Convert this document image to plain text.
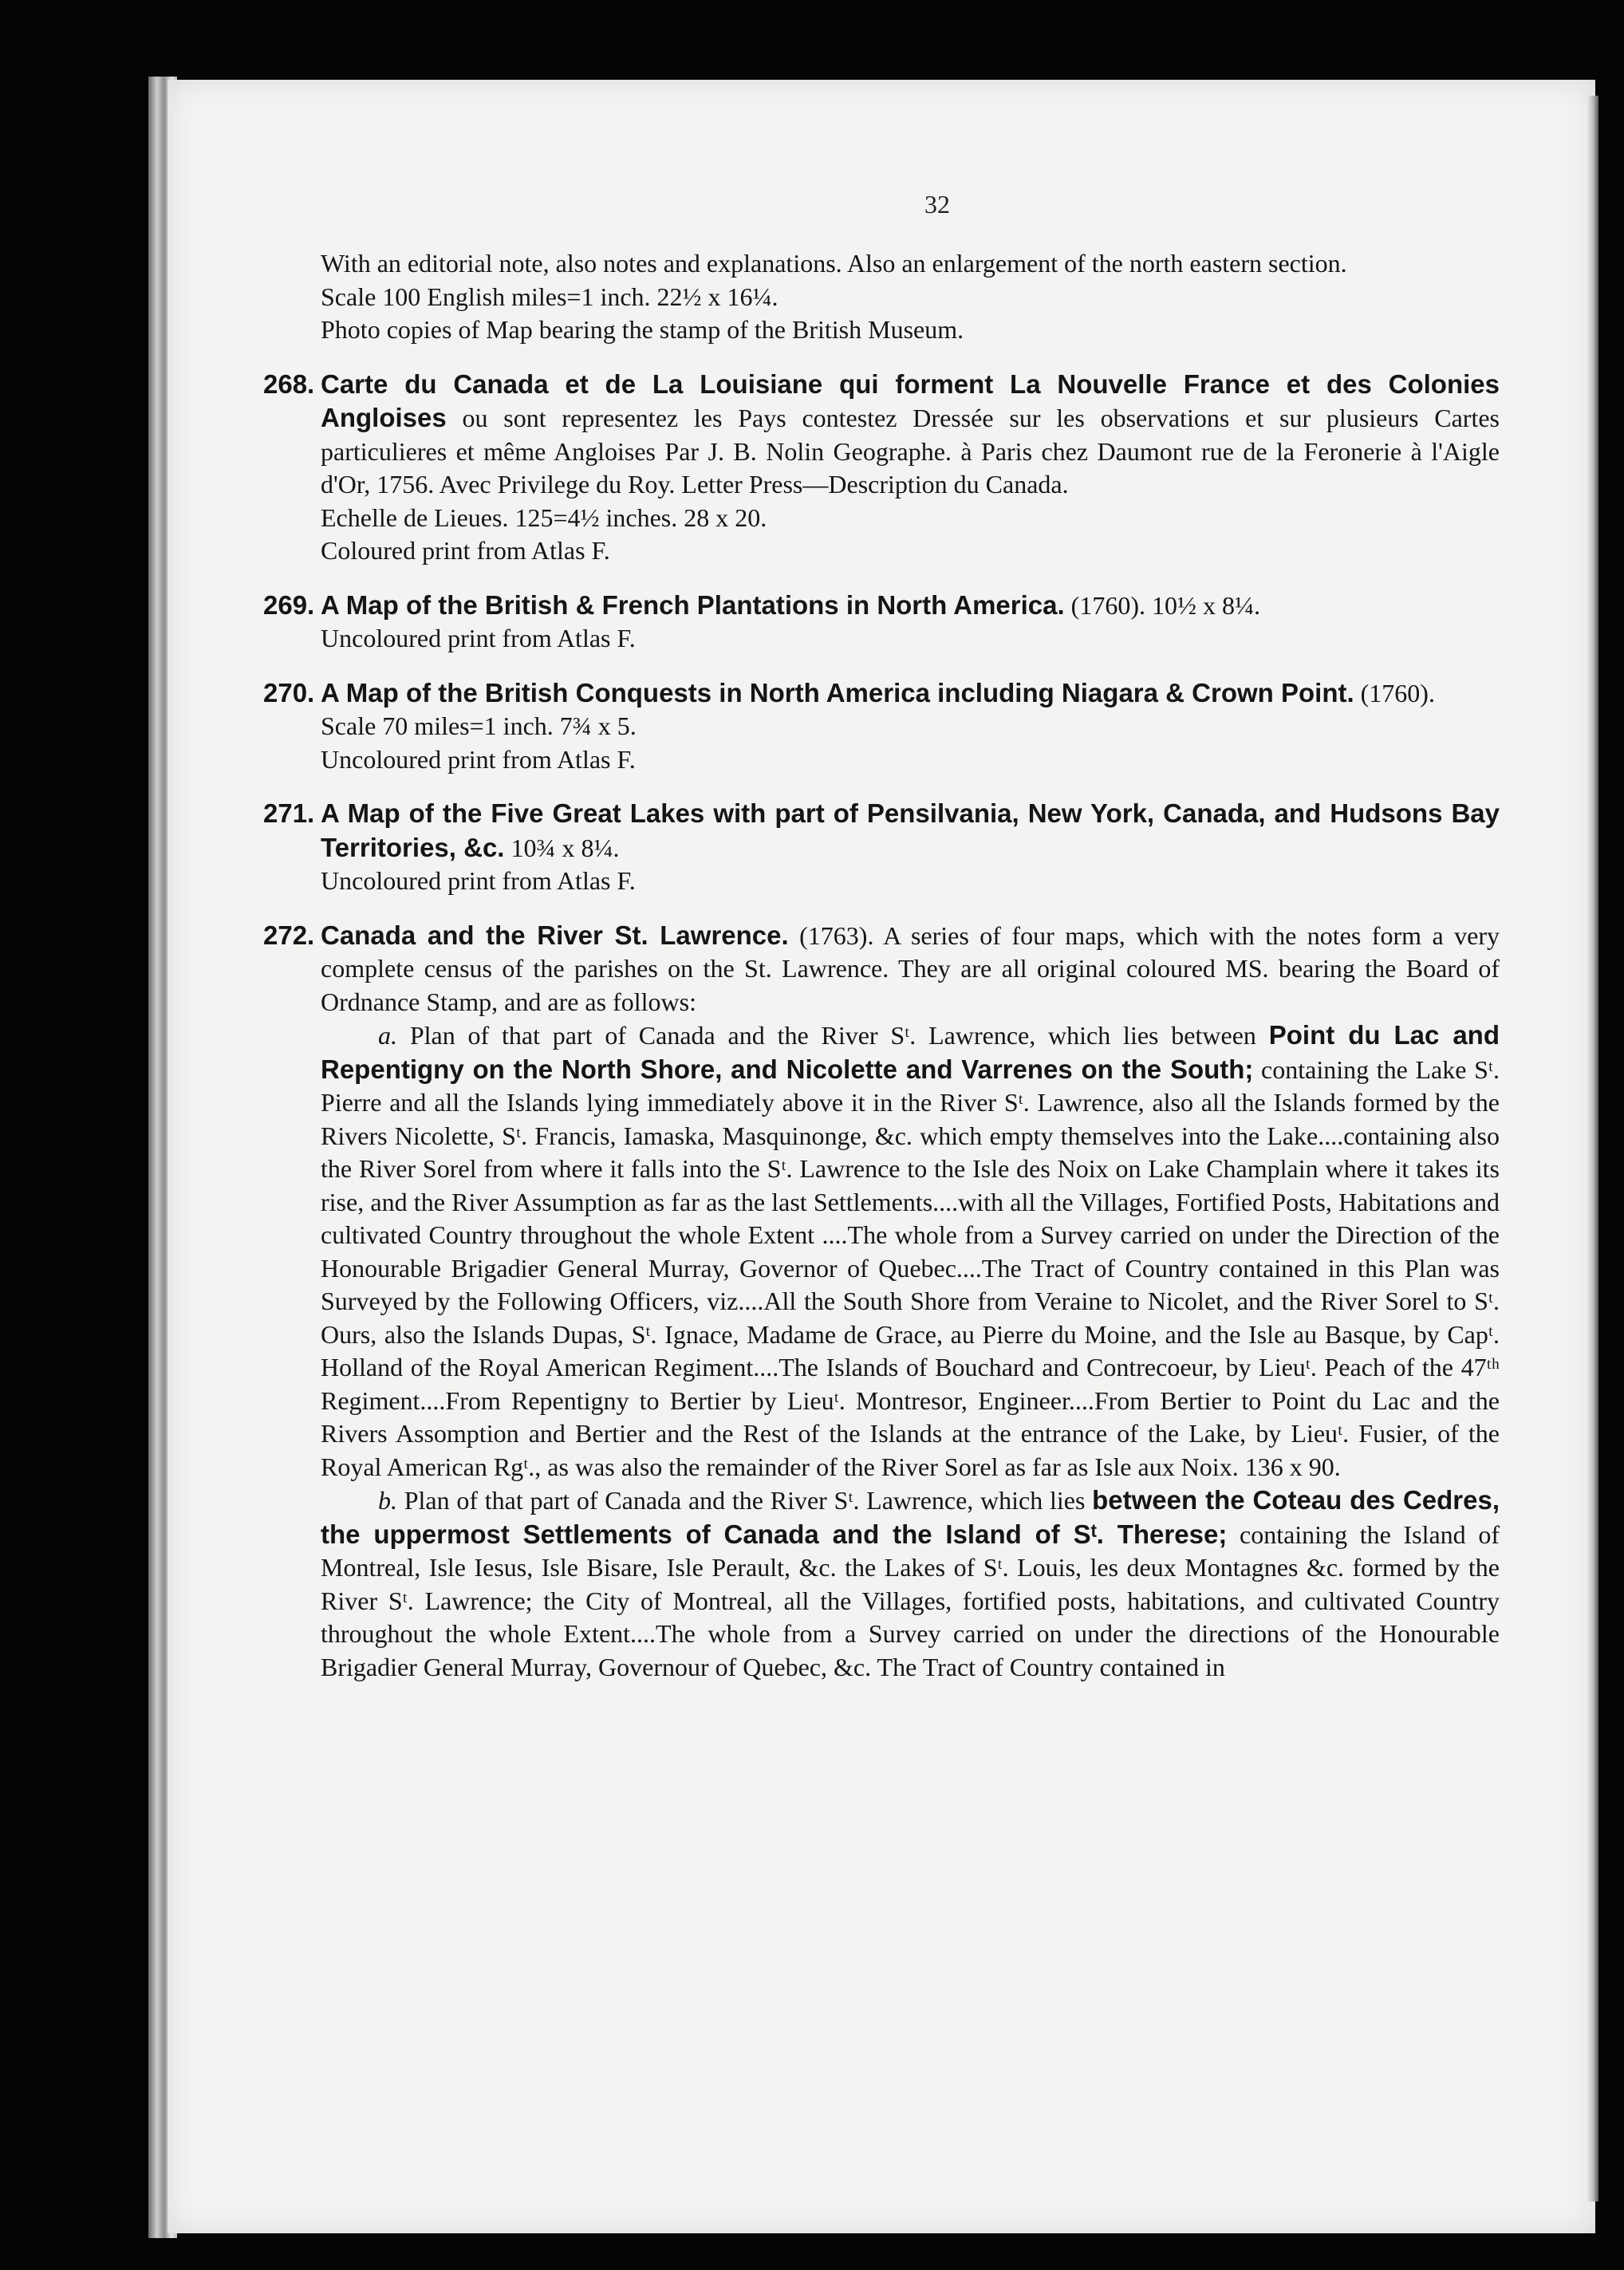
32

With an editorial note, also notes and explanations. Also an enlargement of the north eastern section.

Scale 100 English miles=1 inch. 22½ x 16¼.

Photo copies of Map bearing the stamp of the British Museum.

268. Carte du Canada et de La Louisiane qui forment La Nouvelle France et des Colonies Angloises ou sont representez les Pays contestez Dressée sur les observations et sur plusieurs Cartes particulieres et même Angloises Par J. B. Nolin Geographe. à Paris chez Daumont rue de la Feronerie à l'Aigle d'Or, 1756. Avec Privilege du Roy. Letter Press—Description du Canada.

Echelle de Lieues. 125=4½ inches. 28 x 20.

Coloured print from Atlas F.

269. A Map of the British & French Plantations in North America. (1760). 10½ x 8¼.

Uncoloured print from Atlas F.

270. A Map of the British Conquests in North America including Niagara & Crown Point. (1760).

Scale 70 miles=1 inch. 7¾ x 5.

Uncoloured print from Atlas F.

271. A Map of the Five Great Lakes with part of Pensilvania, New York, Canada, and Hudsons Bay Territories, &c. 10¾ x 8¼.

Uncoloured print from Atlas F.

272. Canada and the River St. Lawrence. (1763). A series of four maps, which with the notes form a very complete census of the parishes on the St. Lawrence. They are all original coloured MS. bearing the Board of Ordnance Stamp, and are as follows:

a. Plan of that part of Canada and the River Sᵗ. Lawrence, which lies between Point du Lac and Repentigny on the North Shore, and Nicolette and Varrenes on the South; containing the Lake Sᵗ. Pierre and all the Islands lying immediately above it in the River Sᵗ. Lawrence, also all the Islands formed by the Rivers Nicolette, Sᵗ. Francis, Iamaska, Masquinonge, &c. which empty themselves into the Lake....containing also the River Sorel from where it falls into the Sᵗ. Lawrence to the Isle des Noix on Lake Champlain where it takes its rise, and the River Assumption as far as the last Settlements....with all the Villages, Fortified Posts, Habitations and cultivated Country throughout the whole Extent ....The whole from a Survey carried on under the Direction of the Honourable Brigadier General Murray, Governor of Quebec....The Tract of Country contained in this Plan was Surveyed by the Following Officers, viz....All the South Shore from Veraine to Nicolet, and the River Sorel to Sᵗ. Ours, also the Islands Dupas, Sᵗ. Ignace, Madame de Grace, au Pierre du Moine, and the Isle au Basque, by Capᵗ. Holland of the Royal American Regiment....The Islands of Bouchard and Contrecoeur, by Lieuᵗ. Peach of the 47ᵗʰ Regiment....From Repentigny to Bertier by Lieuᵗ. Montresor, Engineer....From Bertier to Point du Lac and the Rivers Assomption and Bertier and the Rest of the Islands at the entrance of the Lake, by Lieuᵗ. Fusier, of the Royal American Rgᵗ., as was also the remainder of the River Sorel as far as Isle aux Noix. 136 x 90.

b. Plan of that part of Canada and the River Sᵗ. Lawrence, which lies between the Coteau des Cedres, the uppermost Settlements of Canada and the Island of Sᵗ. Therese; containing the Island of Montreal, Isle Iesus, Isle Bisare, Isle Perault, &c. the Lakes of Sᵗ. Louis, les deux Montagnes &c. formed by the River Sᵗ. Lawrence; the City of Montreal, all the Villages, fortified posts, habitations, and cultivated Country throughout the whole Extent....The whole from a Survey carried on under the directions of the Honourable Brigadier General Murray, Governour of Quebec, &c. The Tract of Country contained in
